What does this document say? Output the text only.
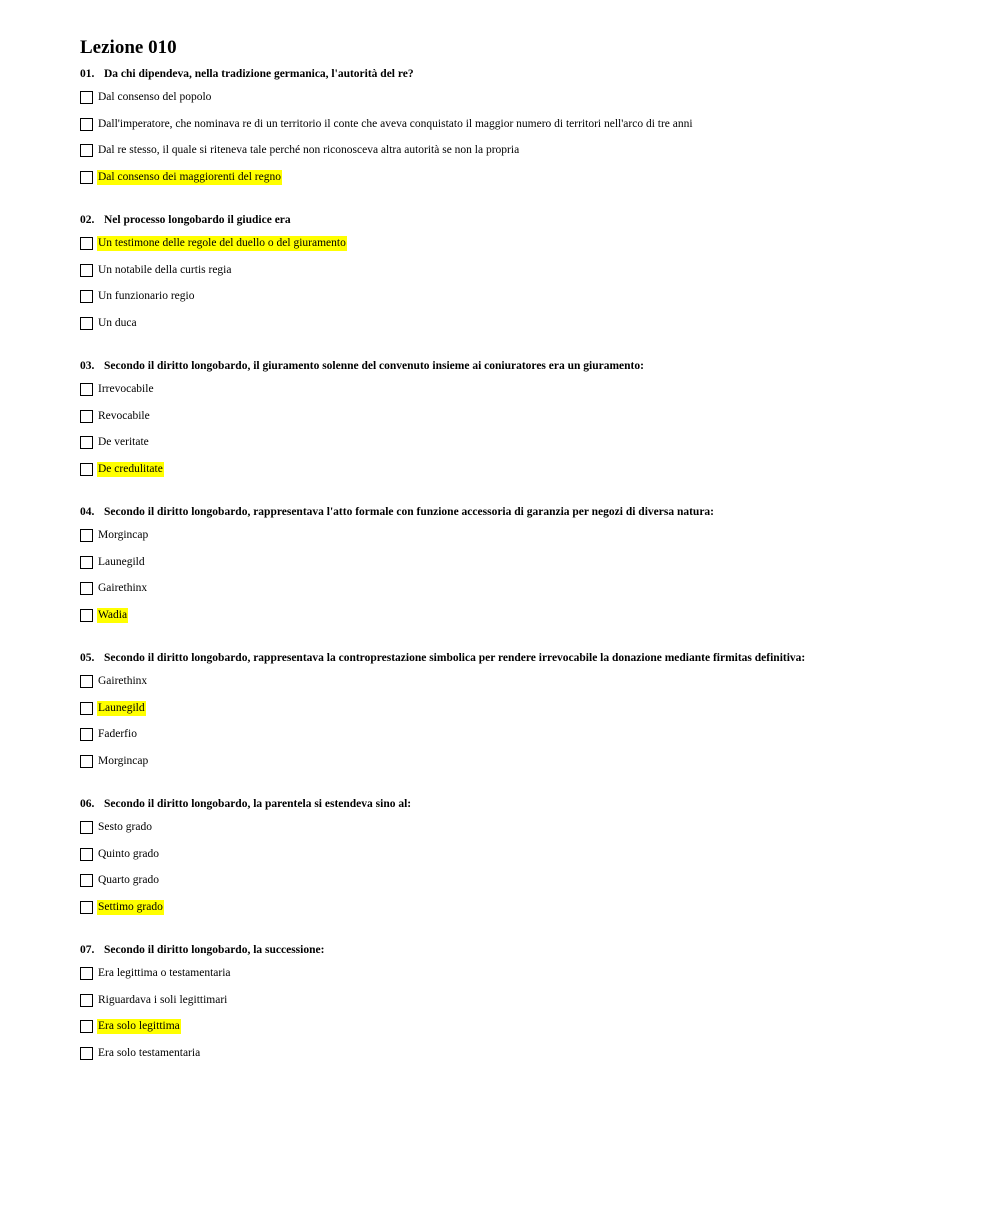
Lezione 010
01. Da chi dipendeva, nella tradizione germanica, l'autorità del re?
Dal consenso del popolo
Dall'imperatore, che nominava re di un territorio il conte che aveva conquistato il maggior numero di territori nell'arco di tre anni
Dal re stesso, il quale si riteneva tale perché non riconosceva altra autorità se non la propria
Dal consenso dei maggiorenti del regno
02. Nel processo longobardo il giudice era
Un testimone delle regole del duello o del giuramento
Un notabile della curtis regia
Un funzionario regio
Un duca
03. Secondo il diritto longobardo, il giuramento solenne del convenuto insieme ai coniuratores era un giuramento:
Irrevocabile
Revocabile
De veritate
De credulitate
04. Secondo il diritto longobardo, rappresentava l'atto formale con funzione accessoria di garanzia per negozi di diversa natura:
Morgincap
Launegild
Gairethinx
Wadia
05. Secondo il diritto longobardo, rappresentava la controprestazione simbolica per rendere irrevocabile la donazione mediante firmitas definitiva:
Gairethinx
Launegild
Faderfio
Morgincap
06. Secondo il diritto longobardo, la parentela si estendeva sino al:
Sesto grado
Quinto grado
Quarto grado
Settimo grado
07. Secondo il diritto longobardo, la successione:
Era legittima o testamentaria
Riguardava i soli legittimari
Era solo legittima
Era solo testamentaria
